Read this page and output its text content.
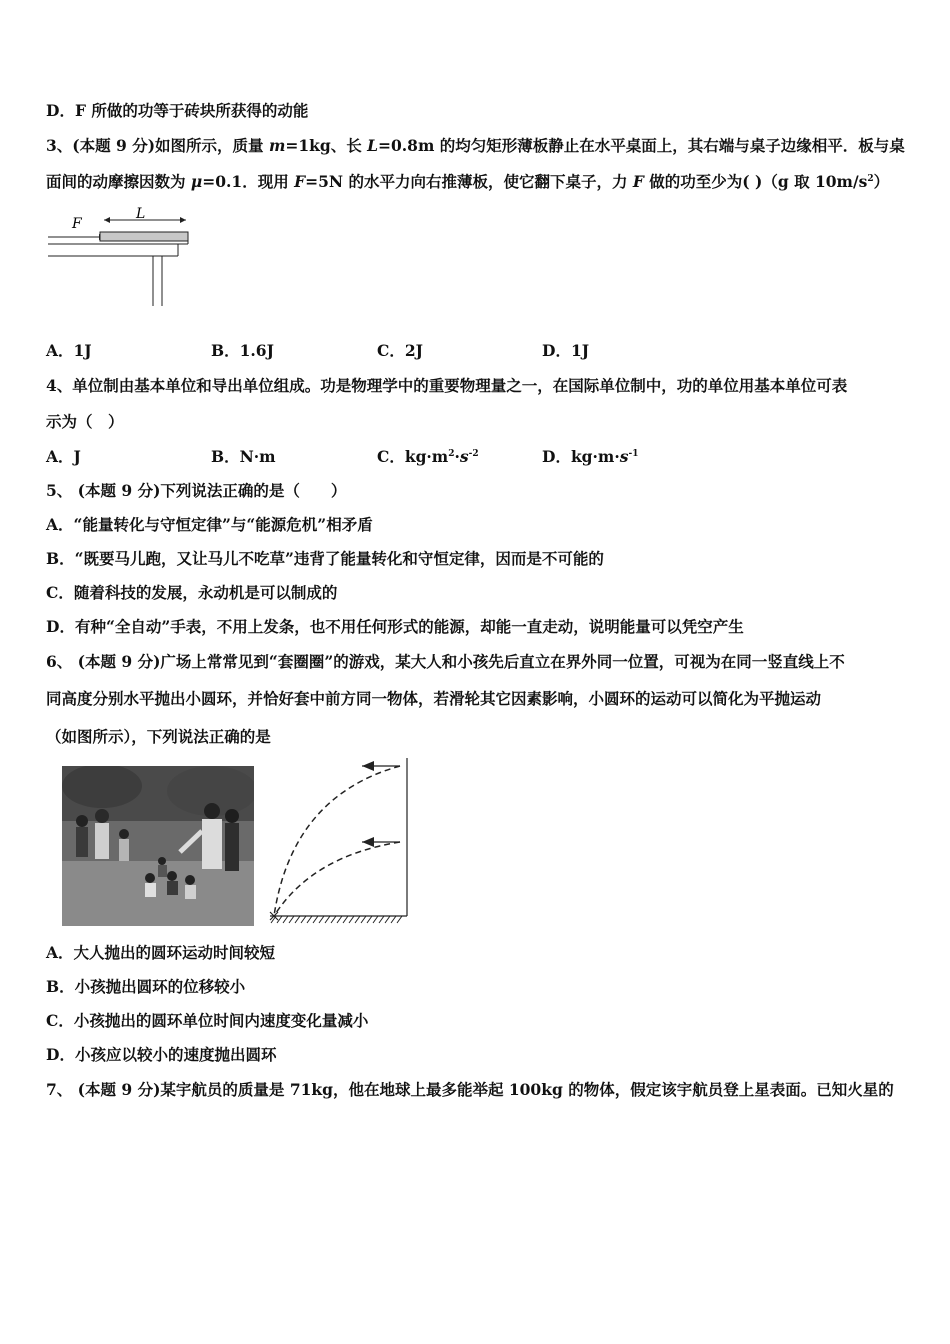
D．F 所做的功等于砖块所获得的动能
3、(本题 9 分)如图所示，质量 m=1kg、长 L=0.8m 的均匀矩形薄板静止在水平桌面上，其右端与桌子边缘相平．板与桌
面间的动摩擦因数为 μ=0.1．现用 F=5N 的水平力向右推薄板，使它翻下桌子，力 F 做的功至少为( )（g 取 $10m/s^2$）
F
L
A．1J	B．1.6J	C．2J	D．1J
4、单位制由基本单位和导出单位组成。功是物理学中的重要物理量之一，在国际单位制中，功的单位用基本单位可表
示为（　）
A．J	B．N·m	C．$kg\cdot m^2\cdot s^{-2}$	D．$kg\cdot m\cdot s^{-1}$
5、 (本题 9 分)下列说法正确的是（　　）
A．“能量转化与守恒定律”与“能源危机”相矛盾
B．“既要马儿跑，又让马儿不吃草”违背了能量转化和守恒定律，因而是不可能的
C．随着科技的发展，永动机是可以制成的
D．有种“全自动”手表，不用上发条，也不用任何形式的能源，却能一直走动，说明能量可以凭空产生
6、 (本题 9 分)广场上常常见到“套圈圈”的游戏，某大人和小孩先后直立在界外同一位置，可视为在同一竖直线上不
同高度分别水平抛出小圆环，并恰好套中前方同一物体，若滑轮其它因素影响，小圆环的运动可以简化为平抛运动
（如图所示），下列说法正确的是
A．大人抛出的圆环运动时间较短
B．小孩抛出圆环的位移较小
C．小孩抛出的圆环单位时间内速度变化量减小
D．小孩应以较小的速度抛出圆环
7、 (本题 9 分)某宇航员的质量是 71kg，他在地球上最多能举起 100kg 的物体，假定该宇航员登上星表面。已知火星的
